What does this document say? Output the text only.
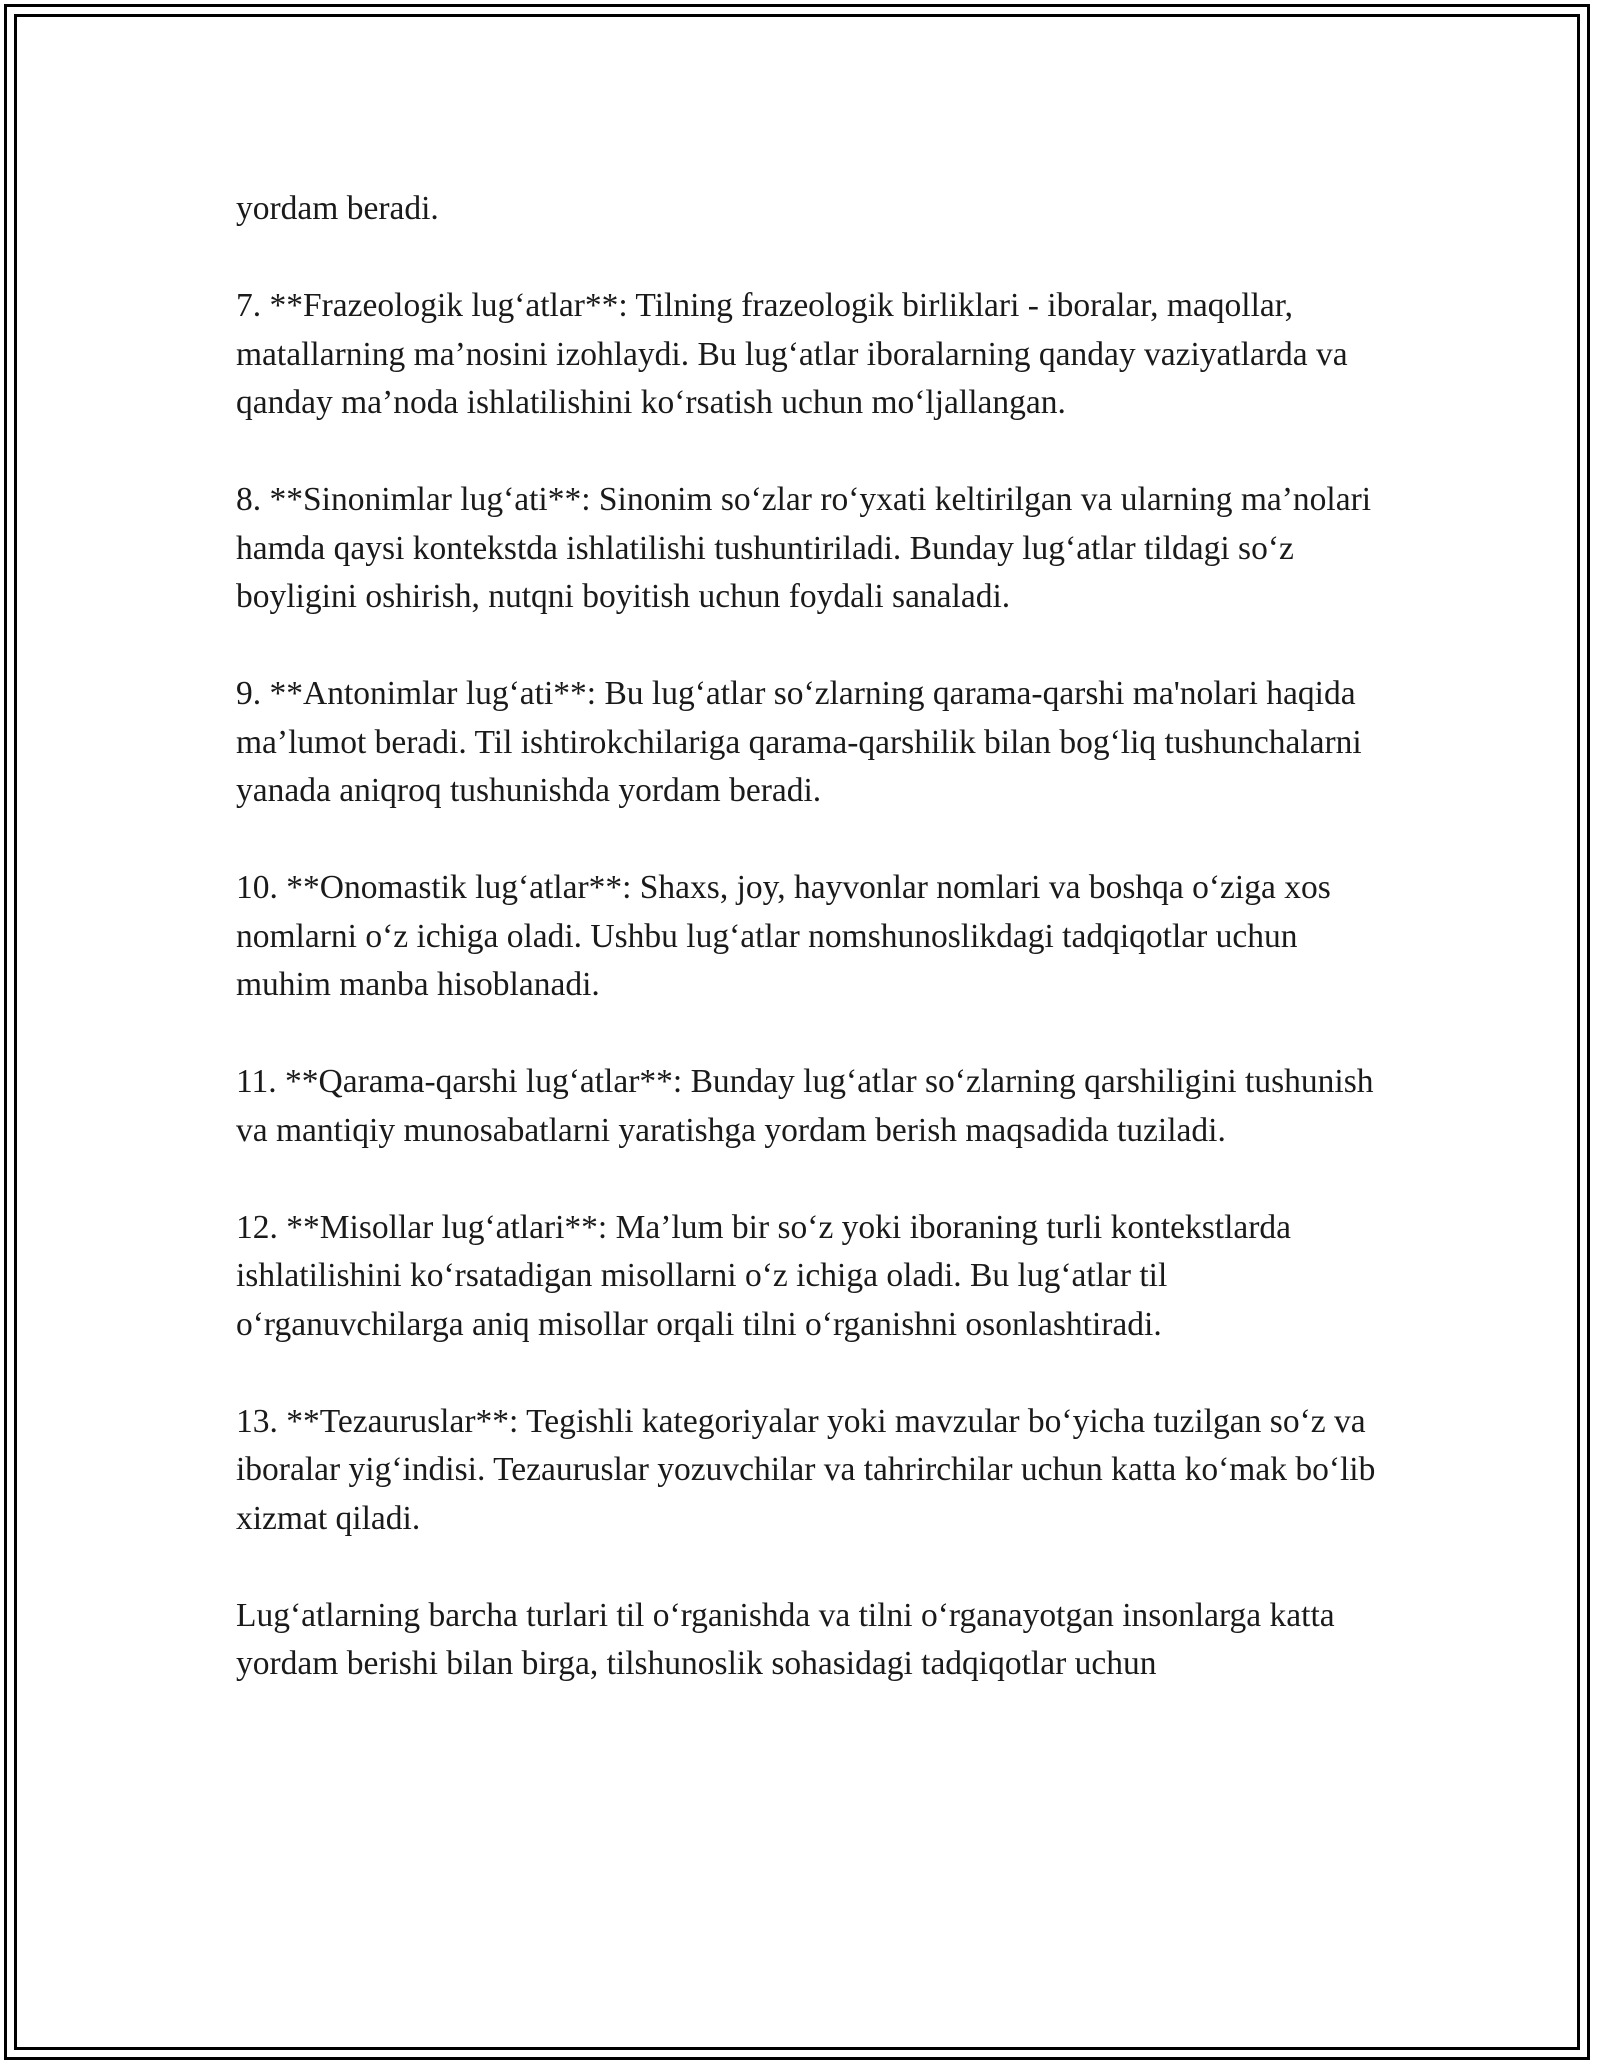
yordam beradi.

7. **Frazeologik lug‘atlar**: Tilning frazeologik birliklari - iboralar, maqollar, matallarning ma’nosini izohlaydi. Bu lug‘atlar iboralarning qanday vaziyatlarda va qanday ma’noda ishlatilishini ko‘rsatish uchun mo‘ljallangan.

8. **Sinonimlar lug‘ati**: Sinonim so‘zlar ro‘yxati keltirilgan va ularning ma’nolari hamda qaysi kontekstda ishlatilishi tushuntiriladi. Bunday lug‘atlar tildagi so‘z boyligini oshirish, nutqni boyitish uchun foydali sanaladi.

9. **Antonimlar lug‘ati**: Bu lug‘atlar so‘zlarning qarama-qarshi ma'nolari haqida ma’lumot beradi. Til ishtirokchilariga qarama-qarshilik bilan bog‘liq tushunchalarni yanada aniqroq tushunishda yordam beradi.

10. **Onomastik lug‘atlar**: Shaxs, joy, hayvonlar nomlari va boshqa o‘ziga xos nomlarni o‘z ichiga oladi. Ushbu lug‘atlar nomshunoslikdagi tadqiqotlar uchun muhim manba hisoblanadi.

11. **Qarama-qarshi lug‘atlar**: Bunday lug‘atlar so‘zlarning qarshiligini tushunish va mantiqiy munosabatlarni yaratishga yordam berish maqsadida tuziladi.

12. **Misollar lug‘atlari**: Ma’lum bir so‘z yoki iboraning turli kontekstlarda ishlatilishini ko‘rsatadigan misollarni o‘z ichiga oladi. Bu lug‘atlar til o‘rganuvchilarga aniq misollar orqali tilni o‘rganishni osonlashtiradi.

13. **Tezauruslar**: Tegishli kategoriyalar yoki mavzular bo‘yicha tuzilgan so‘z va iboralar yig‘indisi. Tezauruslar yozuvchilar va tahrirchilar uchun katta ko‘mak bo‘lib xizmat qiladi.

Lug‘atlarning barcha turlari til o‘rganishda va tilni o‘rganayotgan insonlarga katta yordam berishi bilan birga, tilshunoslik sohasidagi tadqiqotlar uchun
